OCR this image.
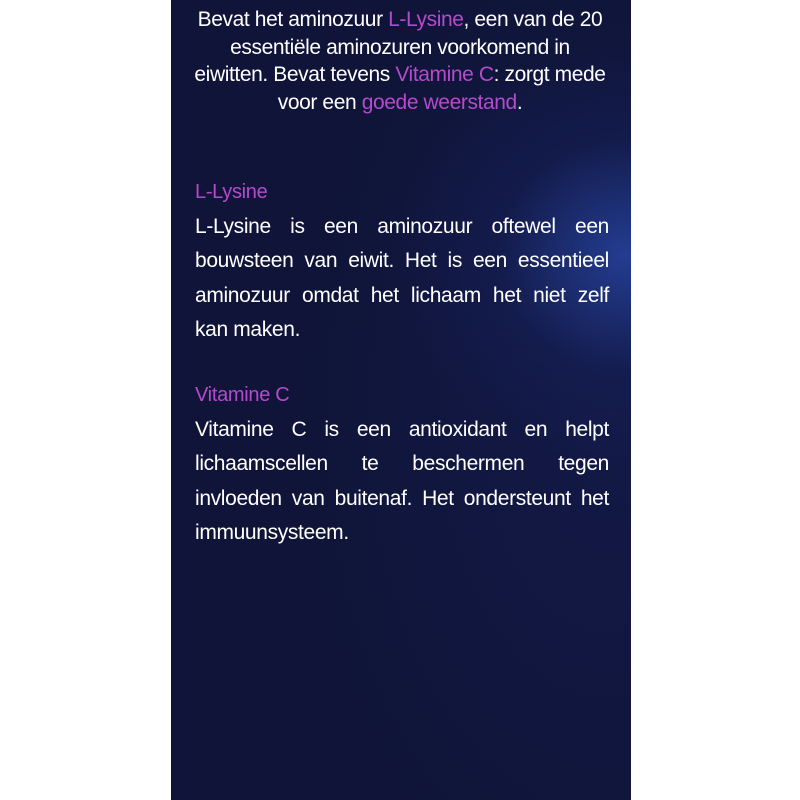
Bevat het aminozuur L-Lysine, een van de 20 essentiële aminozuren voorkomend in eiwitten. Bevat tevens Vitamine C: zorgt mede voor een goede weerstand.
L-Lysine
L-Lysine is een aminozuur oftewel een
bouwsteen van eiwit. Het is een essentieel
aminozuur omdat het lichaam het niet zelf
kan maken.
Vitamine C
Vitamine C is een antioxidant en helpt
lichaamscellen te beschermen tegen
invloeden van buitenaf. Het ondersteunt het
immuunsysteem.
